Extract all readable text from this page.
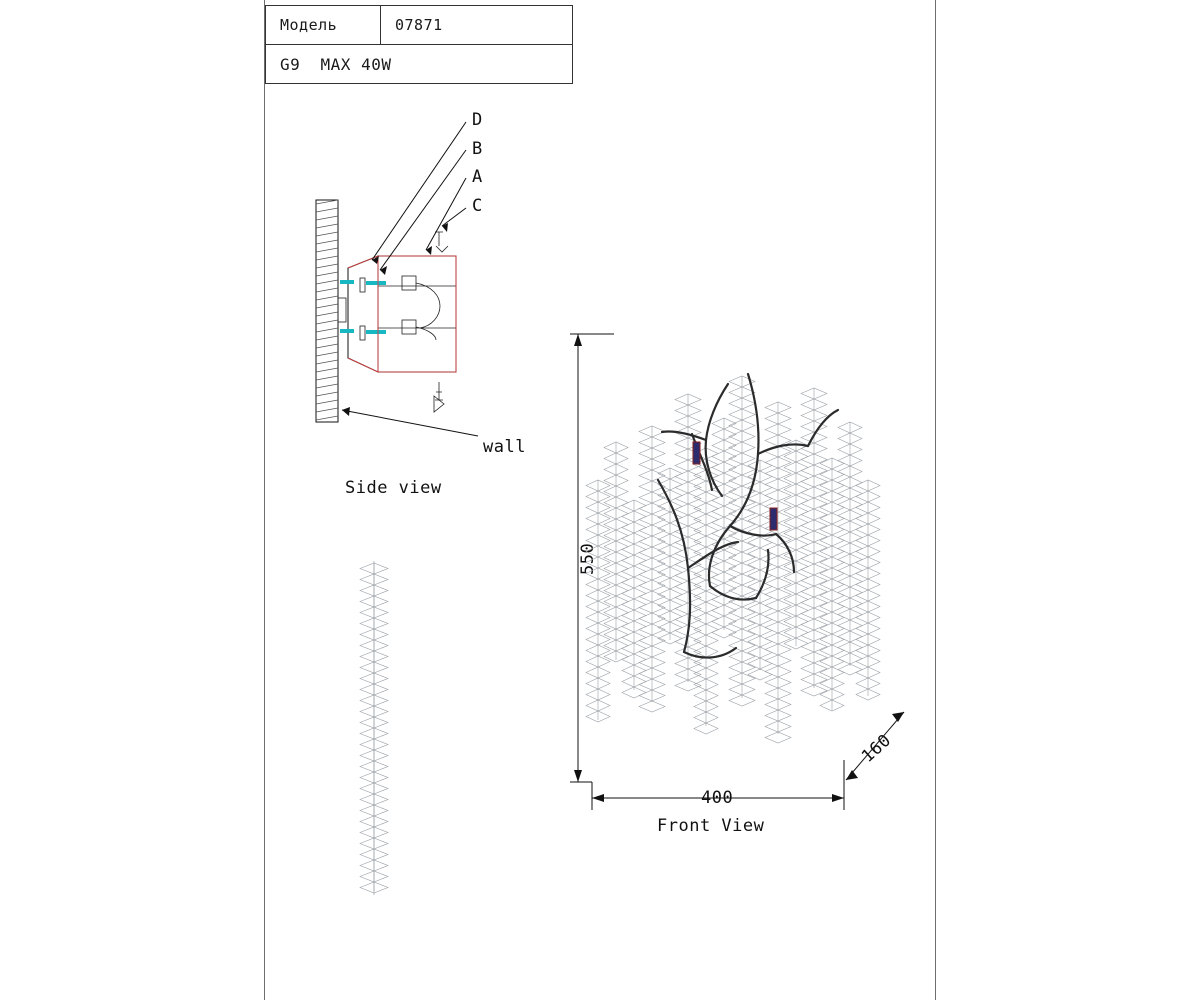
Модель	07871
G9  MAX 40W
D
B
A
C
wall
Side view
550
400
160
Front View
